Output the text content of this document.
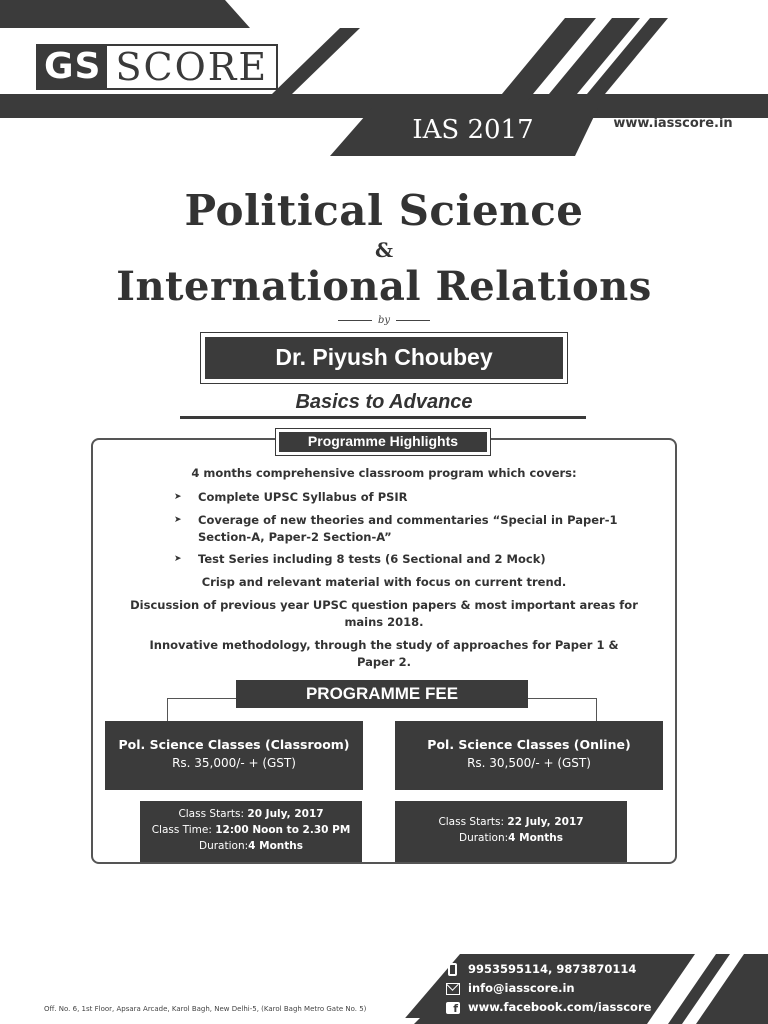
GS SCORE
IAS 2017	www.iasscore.in
Political Science
&
International Relations
by
Dr. Piyush Choubey
Basics to Advance
Programme Highlights
4 months comprehensive classroom program which covers:
➤ Complete UPSC Syllabus of PSIR
➤ Coverage of new theories and commentaries “Special in Paper-1 Section-A, Paper-2 Section-A”
➤ Test Series including 8 tests (6 Sectional and 2 Mock)
Crisp and relevant material with focus on current trend.
Discussion of previous year UPSC question papers & most important areas for mains 2018.
Innovative methodology, through the study of approaches for Paper 1 & Paper 2.
PROGRAMME FEE
Pol. Science Classes (Classroom)
Rs. 35,000/- + (GST)
Pol. Science Classes (Online)
Rs. 30,500/- + (GST)
Class Starts: 20 July, 2017
Class Time: 12:00 Noon to 2.30 PM
Duration:4 Months
Class Starts: 22 July, 2017
Duration:4 Months
Off. No. 6, 1st Floor, Apsara Arcade, Karol Bagh, New Delhi-5, (Karol Bagh Metro Gate No. 5)
9953595114, 9873870114
info@iasscore.in
f www.facebook.com/iasscore
